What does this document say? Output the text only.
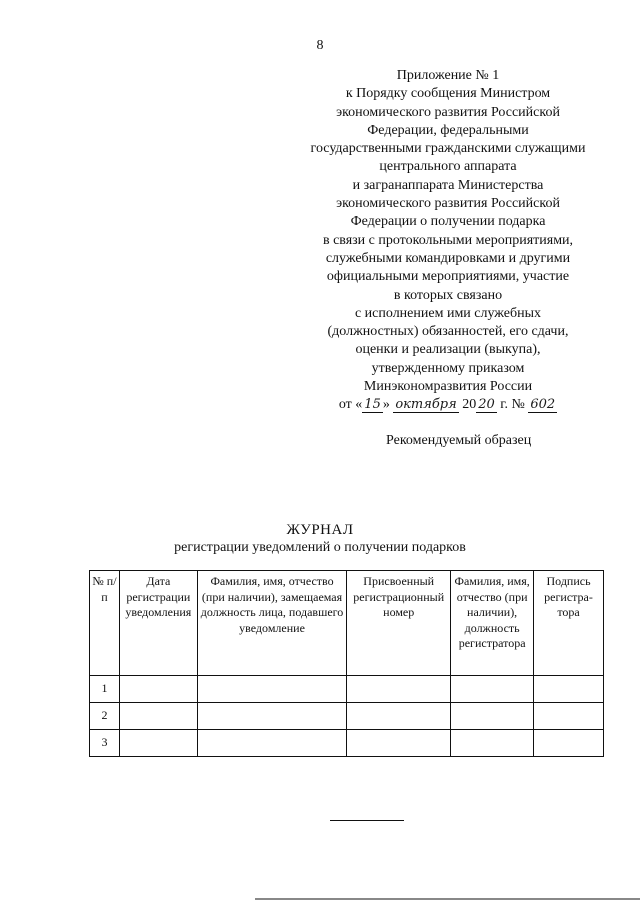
8
Приложение № 1
к Порядку сообщения Министром
экономического развития Российской
Федерации, федеральными
государственными гражданскими служащими
центрального аппарата
и загранаппарата Министерства
экономического развития Российской
Федерации о получении подарка
в связи с протокольными мероприятиями,
служебными командировками и другими
официальными мероприятиями, участие
в которых связано
с исполнением ими служебных
(должностных) обязанностей, его сдачи,
оценки и реализации (выкупа),
утвержденному приказом
Минэкономразвития России
от « 15 » октября 20 20 г. № 602
Рекомендуемый образец
ЖУРНАЛ
регистрации уведомлений о получении подарков
№ п/п	Дата регистрации уведомления	Фамилия, имя, отчество (при наличии), замещаемая должность лица, подавшего уведомление	Присвоенный регистрационный номер	Фамилия, имя, отчество (при наличии), должность регистратора	Подпись регистра-тора
1					
2					
3					
